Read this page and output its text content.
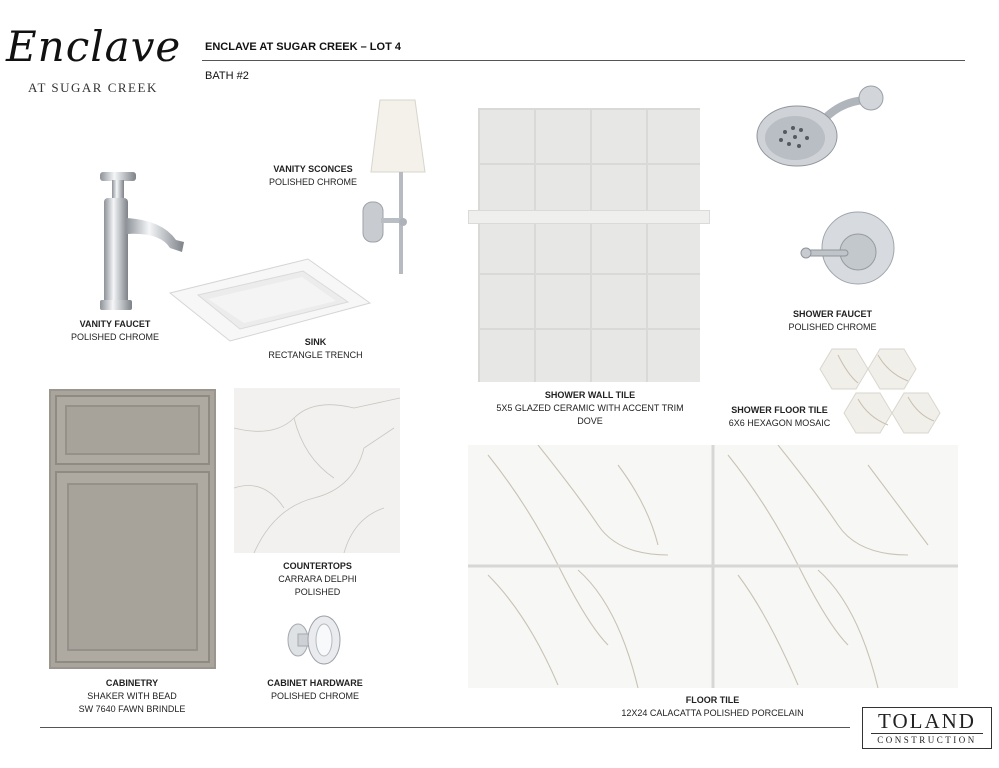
Enclave
AT SUGAR CREEK
ENCLAVE AT SUGAR CREEK – LOT 4
BATH #2
VANITY FAUCET
POLISHED CHROME	SINK
RECTANGLE TRENCH
VANITY SCONCES
POLISHED CHROME
SHOWER WALL TILE
5X5 GLAZED CERAMIC WITH ACCENT TRIM
DOVE
SHOWER FAUCET
POLISHED CHROME
SHOWER FLOOR TILE
6X6 HEXAGON MOSAIC
CABINETRY
SHAKER WITH BEAD
SW 7640 FAWN BRINDLE
COUNTERTOPS
CARRARA DELPHI
POLISHED
CABINET HARDWARE
POLISHED CHROME	FLOOR TILE
12X24 CALACATTA POLISHED PORCELAIN	TOLAND
CONSTRUCTION
